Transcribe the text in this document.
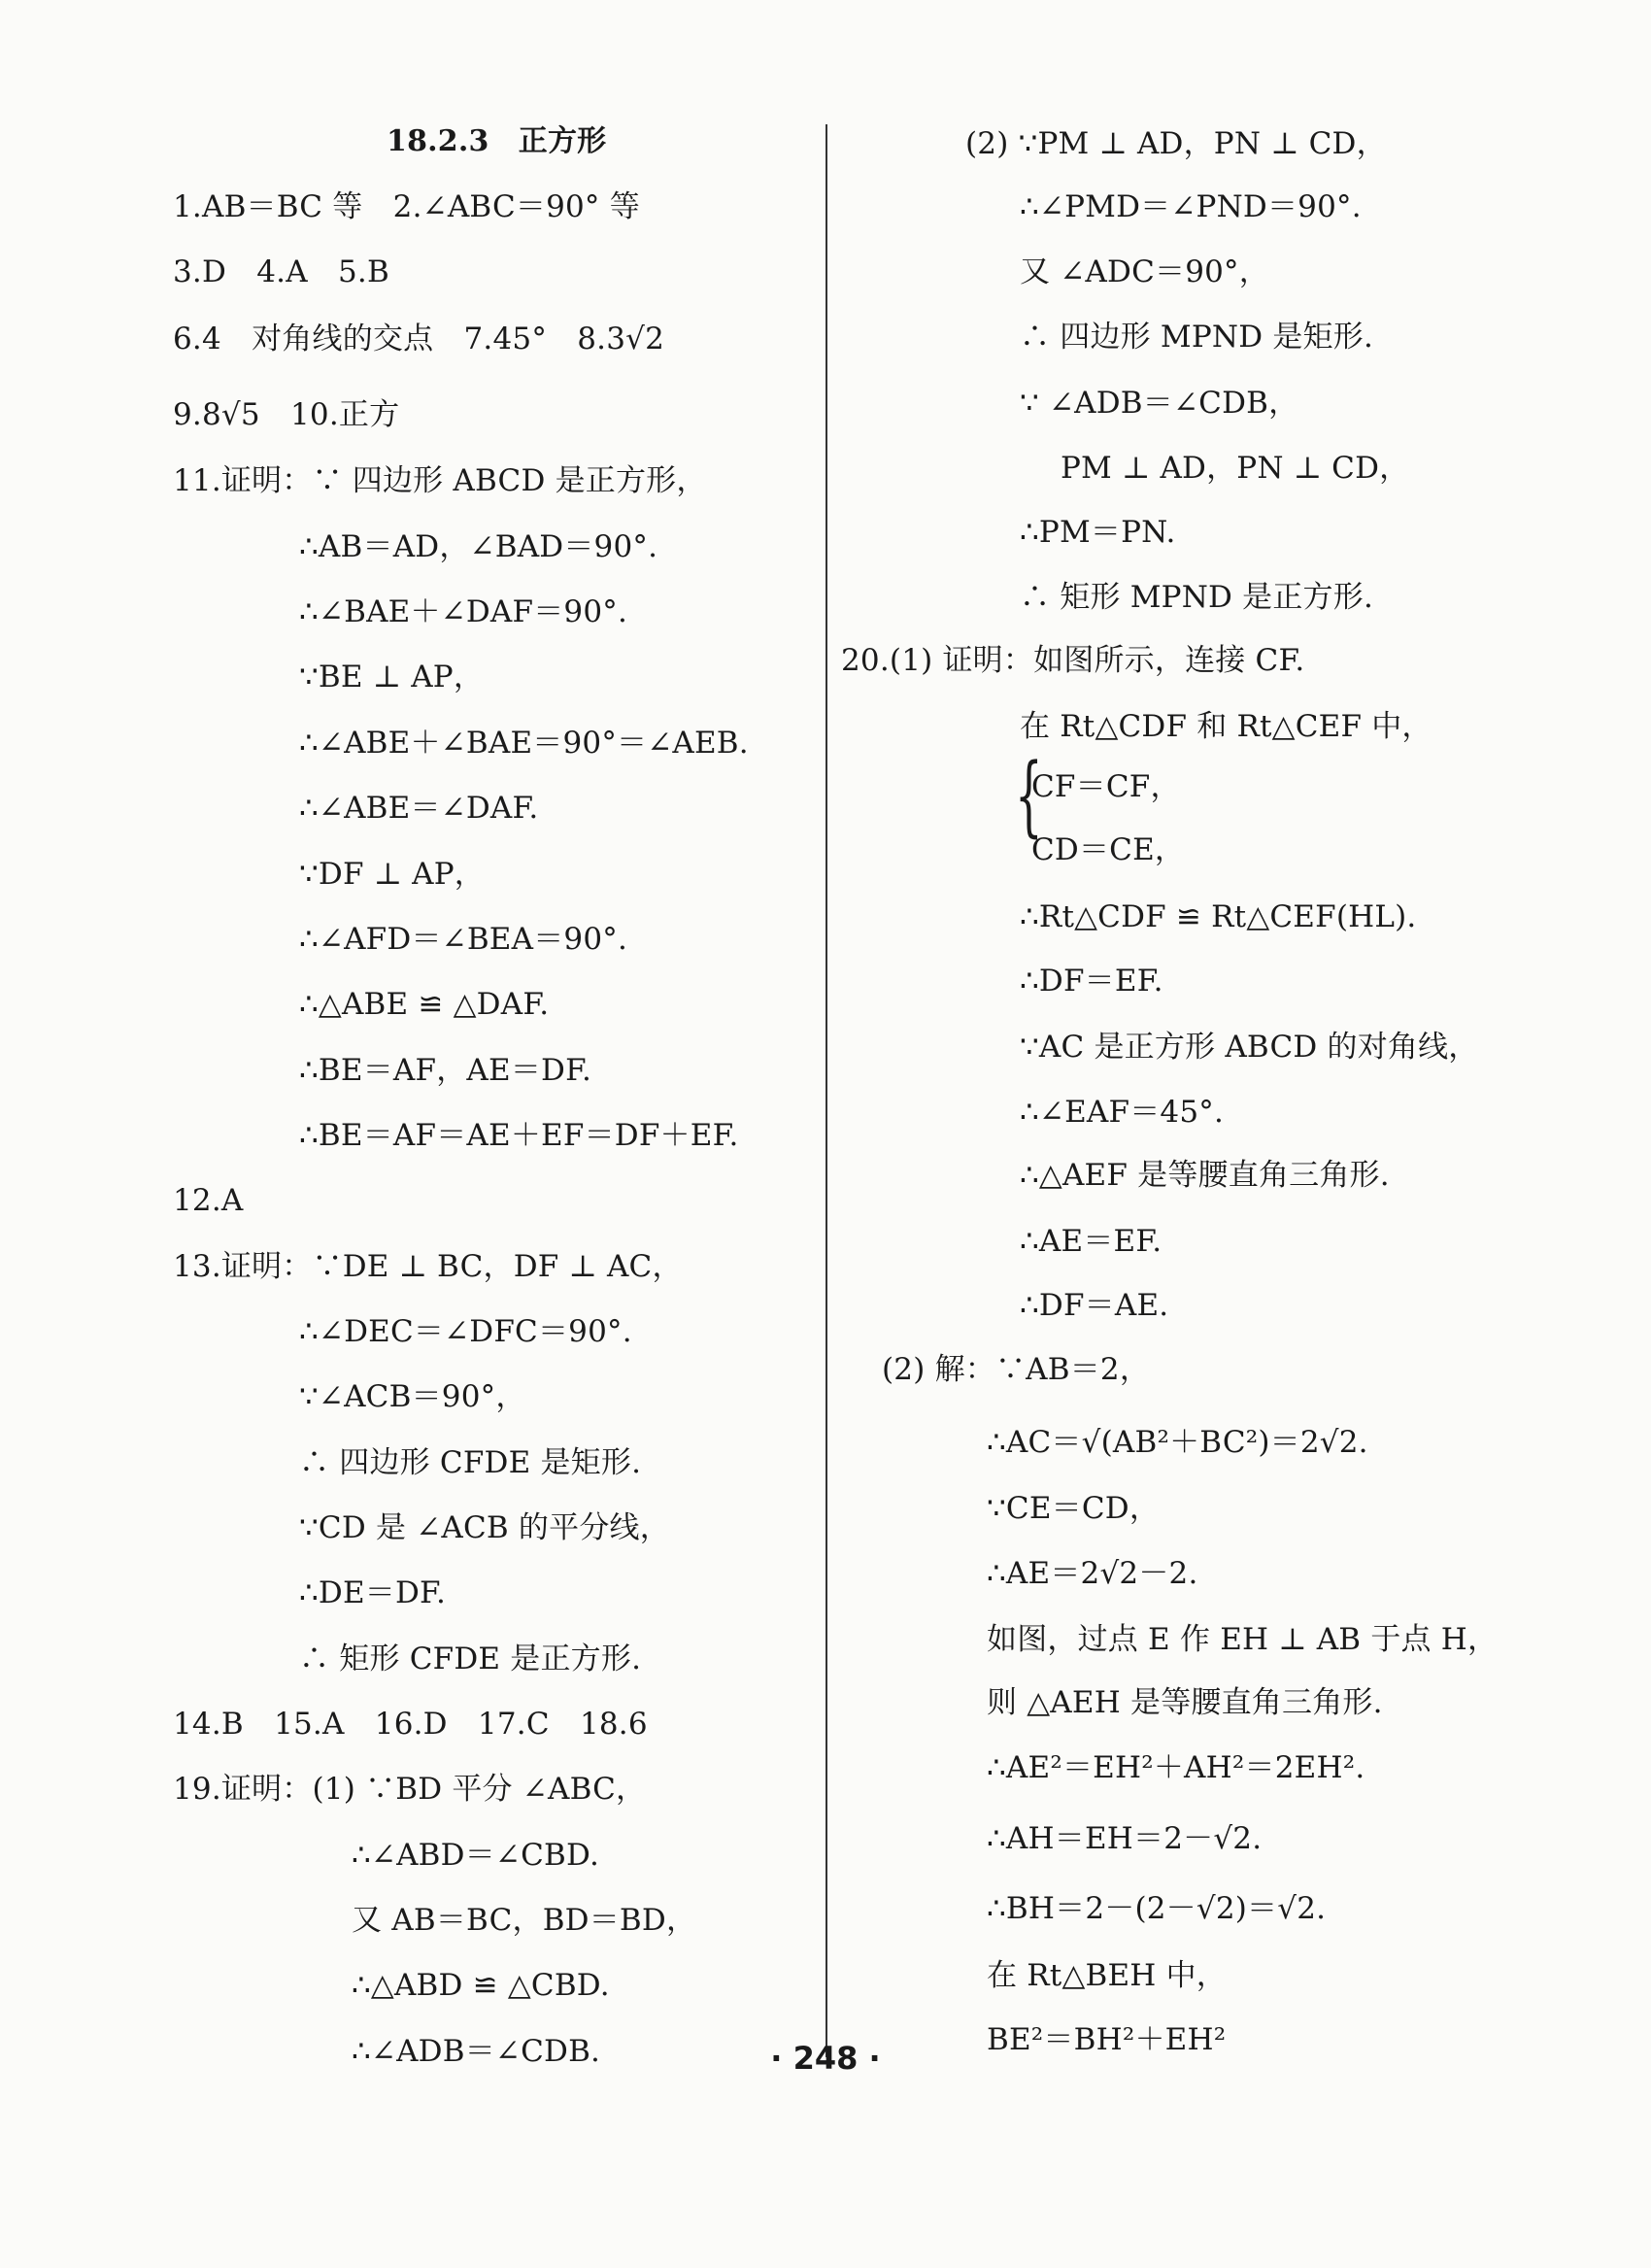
18.2.3　正方形
1.AB＝BC 等　2.∠ABC＝90° 等
3.D　4.A　5.B
6.4　对角线的交点　7.45°　8.3√2
9.8√5　10.正方
11.证明：∵ 四边形 ABCD 是正方形，
∴AB＝AD，∠BAD＝90°.
∴∠BAE＋∠DAF＝90°.
∵BE ⊥ AP，
∴∠ABE＋∠BAE＝90°＝∠AEB.
∴∠ABE＝∠DAF.
∵DF ⊥ AP，
∴∠AFD＝∠BEA＝90°.
∴△ABE ≌ △DAF.
∴BE＝AF，AE＝DF.
∴BE＝AF＝AE＋EF＝DF＋EF.
12.A
13.证明：∵DE ⊥ BC，DF ⊥ AC，
∴∠DEC＝∠DFC＝90°.
∵∠ACB＝90°，
∴ 四边形 CFDE 是矩形.
∵CD 是 ∠ACB 的平分线，
∴DE＝DF.
∴ 矩形 CFDE 是正方形.
14.B　15.A　16.D　17.C　18.6
19.证明：(1) ∵BD 平分 ∠ABC，
∴∠ABD＝∠CBD.
又 AB＝BC，BD＝BD，
∴△ABD ≌ △CBD.
∴∠ADB＝∠CDB.
{
(2) ∵PM ⊥ AD，PN ⊥ CD，
∴∠PMD＝∠PND＝90°.
又 ∠ADC＝90°，
∴ 四边形 MPND 是矩形.
∵ ∠ADB＝∠CDB，
PM ⊥ AD，PN ⊥ CD，
∴PM＝PN.
∴ 矩形 MPND 是正方形.
20.(1) 证明：如图所示，连接 CF.
在 Rt△CDF 和 Rt△CEF 中，
CF＝CF，
CD＝CE，
∴Rt△CDF ≌ Rt△CEF(HL).
∴DF＝EF.
∵AC 是正方形 ABCD 的对角线，
∴∠EAF＝45°.
∴△AEF 是等腰直角三角形.
∴AE＝EF.
∴DF＝AE.
(2) 解：∵AB＝2，
∴AC＝√(AB²＋BC²)＝2√2.
∵CE＝CD，
∴AE＝2√2－2.
如图，过点 E 作 EH ⊥ AB 于点 H，
则 △AEH 是等腰直角三角形.
∴AE²＝EH²＋AH²＝2EH².
∴AH＝EH＝2－√2.
∴BH＝2－(2－√2)＝√2.
在 Rt△BEH 中，
BE²＝BH²＋EH²
· 248 ·
